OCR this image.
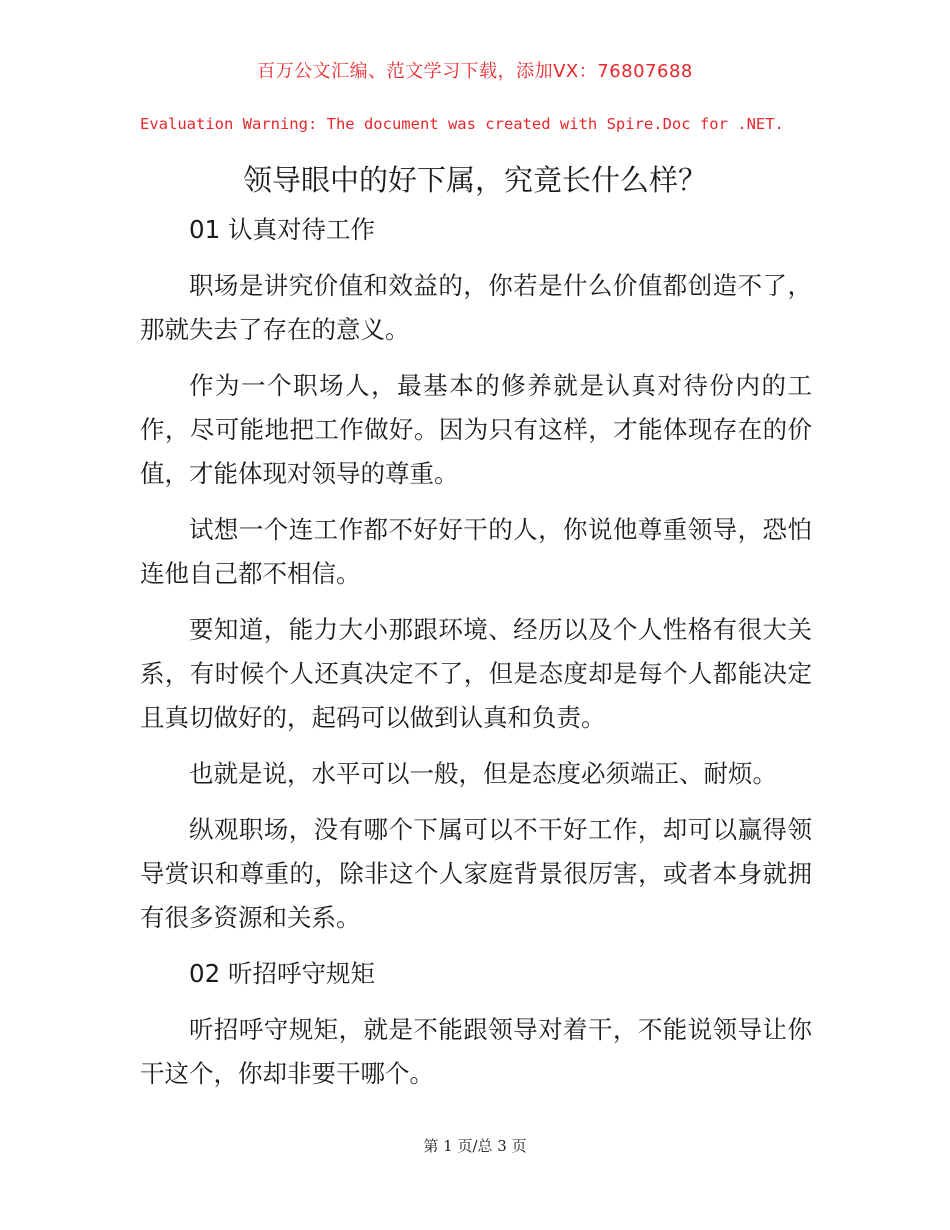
百万公文汇编、范文学习下载，添加VX：76807688
Evaluation Warning: The document was created with Spire.Doc for .NET.
领导眼中的好下属，究竟长什么样？
01 认真对待工作
职场是讲究价值和效益的，你若是什么价值都创造不了，那就失去了存在的意义。
作为一个职场人，最基本的修养就是认真对待份内的工作，尽可能地把工作做好。因为只有这样，才能体现存在的价值，才能体现对领导的尊重。
试想一个连工作都不好好干的人，你说他尊重领导，恐怕连他自己都不相信。
要知道，能力大小那跟环境、经历以及个人性格有很大关系，有时候个人还真决定不了，但是态度却是每个人都能决定且真切做好的，起码可以做到认真和负责。
也就是说，水平可以一般，但是态度必须端正、耐烦。
纵观职场，没有哪个下属可以不干好工作，却可以赢得领导赏识和尊重的，除非这个人家庭背景很厉害，或者本身就拥有很多资源和关系。
02 听招呼守规矩
听招呼守规矩，就是不能跟领导对着干，不能说领导让你干这个，你却非要干哪个。
第 1 页/总 3 页
